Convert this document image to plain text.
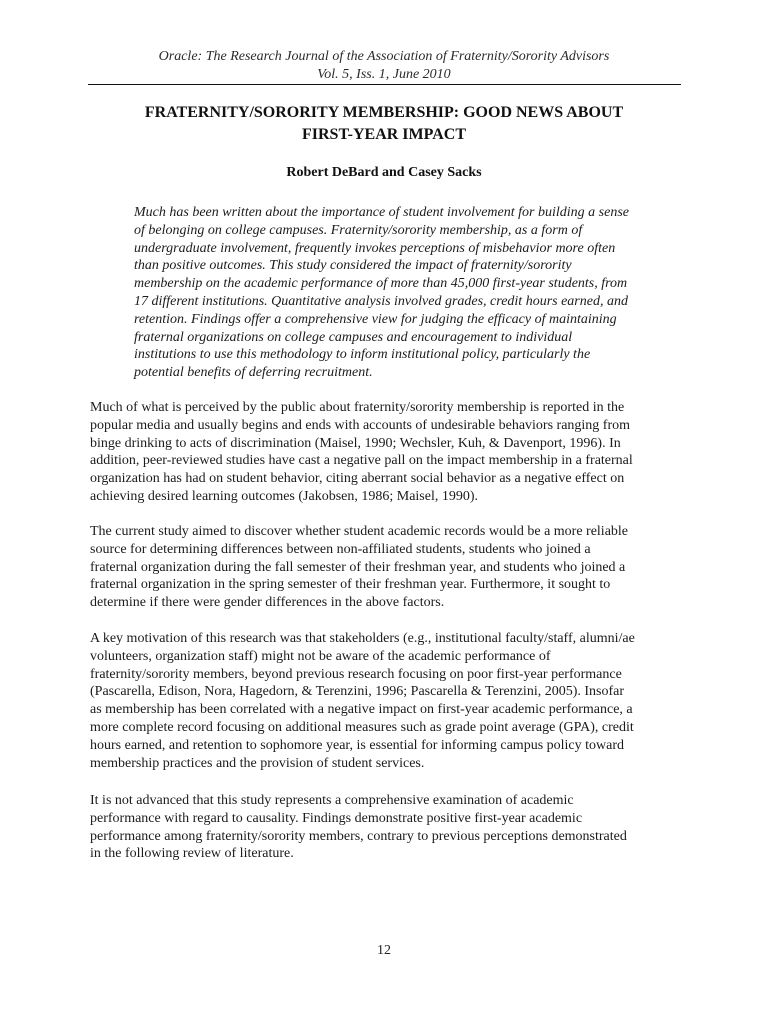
Oracle: The Research Journal of the Association of Fraternity/Sorority Advisors
Vol. 5, Iss. 1, June 2010
FRATERNITY/SORORITY MEMBERSHIP: GOOD NEWS ABOUT
FIRST-YEAR IMPACT
Robert DeBard and Casey Sacks
Much has been written about the importance of student involvement for building a sense
of belonging on college campuses. Fraternity/sorority membership, as a form of
undergraduate involvement, frequently invokes perceptions of misbehavior more often
than positive outcomes. This study considered the impact of fraternity/sorority
membership on the academic performance of more than 45,000 first-year students, from
17 different institutions. Quantitative analysis involved grades, credit hours earned, and
retention. Findings offer a comprehensive view for judging the efficacy of maintaining
fraternal organizations on college campuses and encouragement to individual
institutions to use this methodology to inform institutional policy, particularly the
potential benefits of deferring recruitment.
Much of what is perceived by the public about fraternity/sorority membership is reported in the
popular media and usually begins and ends with accounts of undesirable behaviors ranging from
binge drinking to acts of discrimination (Maisel, 1990; Wechsler, Kuh, & Davenport, 1996). In
addition, peer-reviewed studies have cast a negative pall on the impact membership in a fraternal
organization has had on student behavior, citing aberrant social behavior as a negative effect on
achieving desired learning outcomes (Jakobsen, 1986; Maisel, 1990).
The current study aimed to discover whether student academic records would be a more reliable
source for determining differences between non-affiliated students, students who joined a
fraternal organization during the fall semester of their freshman year, and students who joined a
fraternal organization in the spring semester of their freshman year. Furthermore, it sought to
determine if there were gender differences in the above factors.
A key motivation of this research was that stakeholders (e.g., institutional faculty/staff, alumni/ae
volunteers, organization staff) might not be aware of the academic performance of
fraternity/sorority members, beyond previous research focusing on poor first-year performance
(Pascarella, Edison, Nora, Hagedorn, & Terenzini, 1996; Pascarella & Terenzini, 2005). Insofar
as membership has been correlated with a negative impact on first-year academic performance, a
more complete record focusing on additional measures such as grade point average (GPA), credit
hours earned, and retention to sophomore year, is essential for informing campus policy toward
membership practices and the provision of student services.
It is not advanced that this study represents a comprehensive examination of academic
performance with regard to causality. Findings demonstrate positive first-year academic
performance among fraternity/sorority members, contrary to previous perceptions demonstrated
in the following review of literature.
12
